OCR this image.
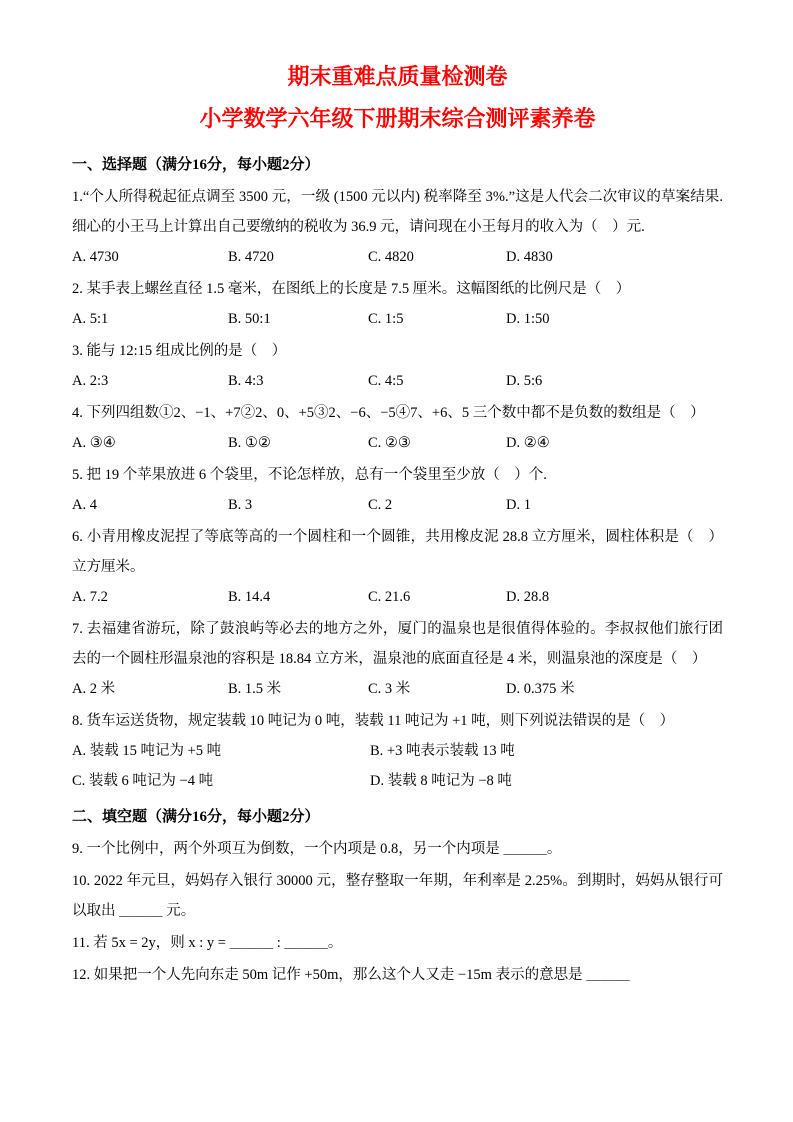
期末重难点质量检测卷
小学数学六年级下册期末综合测评素养卷
一、选择题（满分16分，每小题2分）
1.“个人所得税起征点调至 3500 元，一级 (1500 元以内) 税率降至 3%.”这是人代会二次审议的草案结果.细心的小王马上计算出自己要缴纳的税收为 36.9 元，请问现在小王每月的收入为（　）元.
A. 4730	B. 4720	C. 4820	D. 4830
2. 某手表上螺丝直径 1.5 毫米，在图纸上的长度是 7.5 厘米。这幅图纸的比例尺是（　）
A. 5:1	B. 50:1	C. 1:5	D. 1:50
3. 能与 12:15 组成比例的是（　）
A. 2:3	B. 4:3	C. 4:5	D. 5:6
4. 下列四组数①2、−1、+7②2、0、+5③2、−6、−5④7、+6、5 三个数中都不是负数的数组是（　）
A. ③④	B. ①②	C. ②③	D. ②④
5. 把 19 个苹果放进 6 个袋里，不论怎样放，总有一个袋里至少放（　）个.
A. 4	B. 3	C. 2	D. 1
6. 小青用橡皮泥捏了等底等高的一个圆柱和一个圆锥，共用橡皮泥 28.8 立方厘米，圆柱体积是（　）立方厘米。
A. 7.2	B. 14.4	C. 21.6	D. 28.8
7. 去福建省游玩，除了鼓浪屿等必去的地方之外，厦门的温泉也是很值得体验的。李叔叔他们旅行团去的一个圆柱形温泉池的容积是 18.84 立方米，温泉池的底面直径是 4 米，则温泉池的深度是（　）
A. 2 米	B. 1.5 米	C. 3 米	D. 0.375 米
8. 货车运送货物，规定装载 10 吨记为 0 吨，装载 11 吨记为 +1 吨，则下列说法错误的是（　）
A. 装载 15 吨记为 +5 吨	B. +3 吨表示装载 13 吨
C. 装载 6 吨记为 −4 吨	D. 装载 8 吨记为 −8 吨
二、填空题（满分16分，每小题2分）
9. 一个比例中，两个外项互为倒数，一个内项是 0.8，另一个内项是 ＿＿＿。
10. 2022 年元旦，妈妈存入银行 30000 元，整存整取一年期，年利率是 2.25%。到期时，妈妈从银行可以取出 ＿＿＿ 元。
11. 若 5x = 2y，则 x : y = ＿＿＿ : ＿＿＿。
12. 如果把一个人先向东走 50m 记作 +50m，那么这个人又走 −15m 表示的意思是 ＿＿＿
